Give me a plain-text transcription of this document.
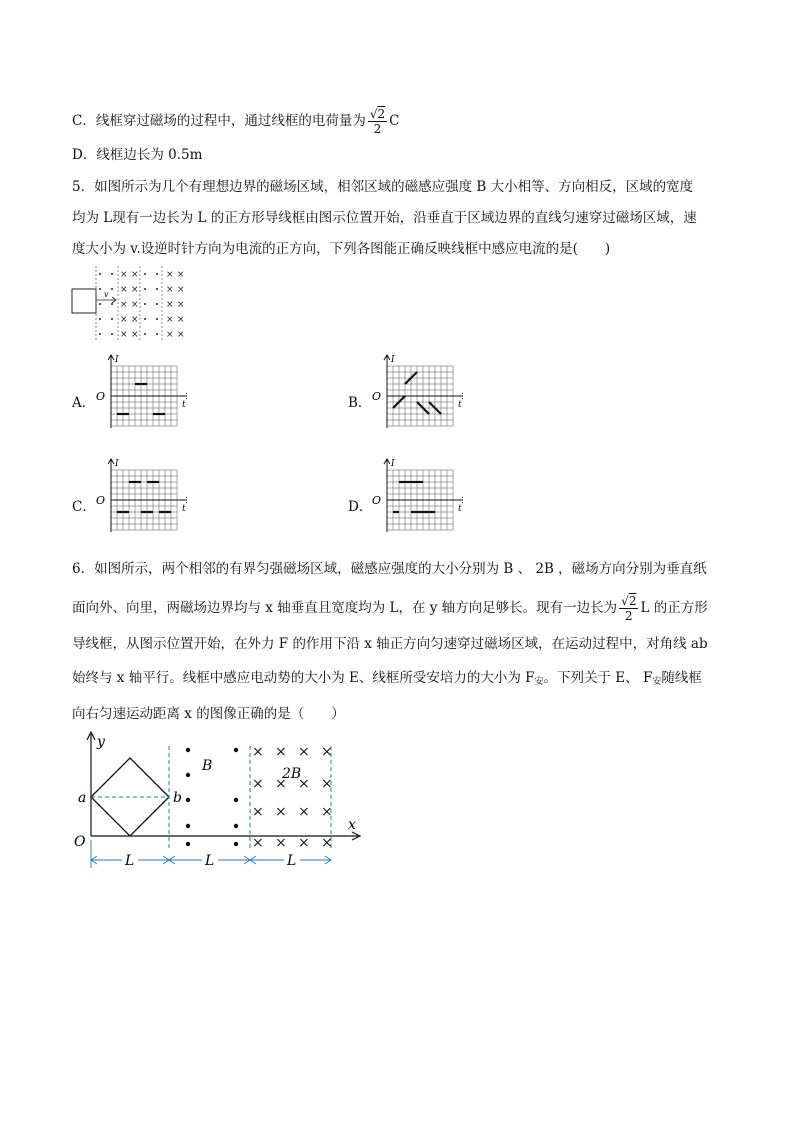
C．线框穿过磁场的过程中，通过线框的电荷量为 $\frac{√2}{2}$ C
D．线框边长为 0.5m
5．如图所示为几个有理想边界的磁场区域，相邻区域的磁感应强度 B 大小相等、方向相反，区域的宽度
均为 L现有一边长为 L 的正方形导线框由图示位置开始，沿垂直于区域边界的直线匀速穿过磁场区域，速
度大小为 v.设逆时针方向为电流的正方向，下列各图能正确反映线框中感应电流的是(　　)
v
× ×
× ×
× ×
× ×
× ×
× ×
× ×
× ×
× ×
× ×
A．	B．
C．	D．
I
t
O
I
t
O
I
t
O
I
t
O
6．如图所示，两个相邻的有界匀强磁场区域，磁感应强度的大小分别为 B 、 2B ，磁场方向分别为垂直纸
面向外、向里，两磁场边界均与 x 轴垂直且宽度均为 L，在 y 轴方向足够长。现有一边长为 $\frac{√2}{2}$ L 的正方形
导线框，从图示位置开始，在外力 F 的作用下沿 x 轴正方向匀速穿过磁场区域，在运动过程中，对角线 ab
始终与 x 轴平行。线框中感应电动势的大小为 E、线框所受安培力的大小为 $F_安$。下列关于 E、 $F_安$随线框
向右匀速运动距离 x 的图像正确的是（　　）
y
x
O
a	b
B
× × × ×
× × × ×
× × × ×
× × × ×
2B
L	L	L
